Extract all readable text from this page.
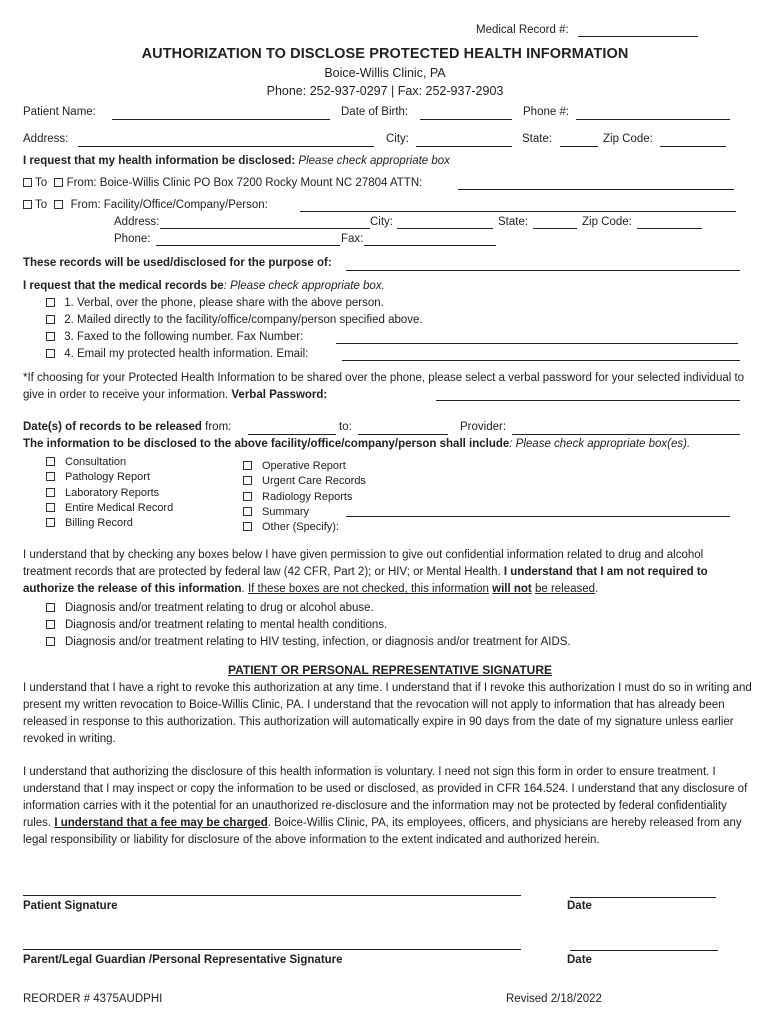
Medical Record #:
AUTHORIZATION TO DISCLOSE PROTECTED HEALTH INFORMATION
Boice-Willis Clinic, PA
Phone: 252-937-0297 | Fax: 252-937-2903
Patient Name:	Date of Birth:	Phone #:
Address:	City:	State:	Zip Code:
I request that my health information be disclosed: Please check appropriate box
To From: Boice-Willis Clinic PO Box 7200 Rocky Mount NC 27804 ATTN:
To From: Facility/Office/Company/Person:
Address:	City:	State:	Zip Code:
Phone:	Fax:
These records will be used/disclosed for the purpose of:
I request that the medical records be: Please check appropriate box.
1. Verbal, over the phone, please share with the above person.
2. Mailed directly to the facility/office/company/person specified above.
3. Faxed to the following number. Fax Number:
4. Email my protected health information. Email:
*If choosing for your Protected Health Information to be shared over the phone, please select a verbal password for your selected individual to give in order to receive your information. Verbal Password:
Date(s) of records to be released from:	to:	Provider:
The information to be disclosed to the above facility/office/company/person shall include: Please check appropriate box(es).
Consultation
Pathology Report
Laboratory Reports
Entire Medical Record
Billing Record
Operative Report
Urgent Care Records
Radiology Reports
Summary
Other (Specify):
I understand that by checking any boxes below I have given permission to give out confidential information related to drug and alcohol treatment records that are protected by federal law (42 CFR, Part 2); or HIV; or Mental Health. I understand that I am not required to authorize the release of this information. If these boxes are not checked, this information will not be released.
Diagnosis and/or treatment relating to drug or alcohol abuse.
Diagnosis and/or treatment relating to mental health conditions.
Diagnosis and/or treatment relating to HIV testing, infection, or diagnosis and/or treatment for AIDS.
PATIENT OR PERSONAL REPRESENTATIVE SIGNATURE
I understand that I have a right to revoke this authorization at any time. I understand that if I revoke this authorization I must do so in writing and present my written revocation to Boice-Willis Clinic, PA. I understand that the revocation will not apply to information that has already been released in response to this authorization. This authorization will automatically expire in 90 days from the date of my signature unless earlier revoked in writing.
I understand that authorizing the disclosure of this health information is voluntary. I need not sign this form in order to ensure treatment. I understand that I may inspect or copy the information to be used or disclosed, as provided in CFR 164.524. I understand that any disclosure of information carries with it the potential for an unauthorized re-disclosure and the information may not be protected by federal confidentiality rules. I understand that a fee may be charged. Boice-Willis Clinic, PA, its employees, officers, and physicians are hereby released from any legal responsibility or liability for disclosure of the above information to the extent indicated and authorized herein.
Patient Signature	Date
Parent/Legal Guardian /Personal Representative Signature	Date
REORDER # 4375AUDPHI	Revised 2/18/2022
